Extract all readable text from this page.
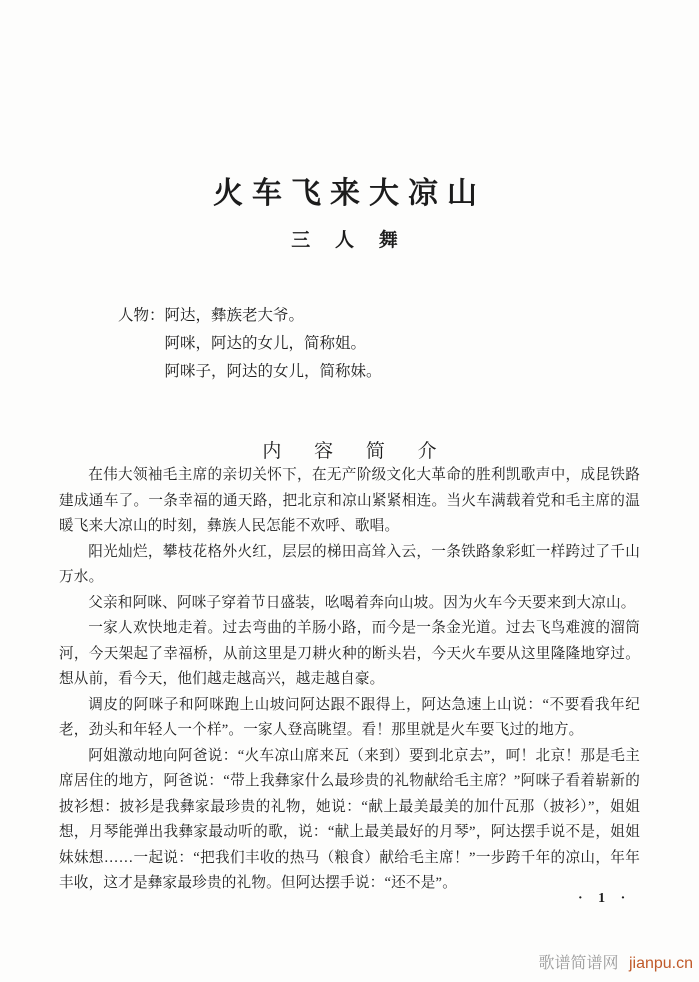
火车飞来大凉山
三 人 舞
人物： 阿达，彝族老大爷。
阿咪，阿达的女儿，简称姐。
阿咪子，阿达的女儿，简称妹。
内 容 简 介

在伟大领袖毛主席的亲切关怀下，在无产阶级文化大革命的胜利凯歌声中，成昆铁路建成通车了。一条幸福的通天路，把北京和凉山紧紧相连。当火车满载着党和毛主席的温暖飞来大凉山的时刻，彝族人民怎能不欢呼、歌唱。

阳光灿烂，攀枝花格外火红，层层的梯田高耸入云，一条铁路象彩虹一样跨过了千山万水。

父亲和阿咪、阿咪子穿着节日盛装，吆喝着奔向山坡。因为火车今天要来到大凉山。

一家人欢快地走着。过去弯曲的羊肠小路，而今是一条金光道。过去飞鸟难渡的溜筒河，今天架起了幸福桥，从前这里是刀耕火种的断头岩，今天火车要从这里隆隆地穿过。想从前，看今天，他们越走越高兴，越走越自豪。

调皮的阿咪子和阿咪跑上山坡问阿达跟不跟得上，阿达急速上山说：“不要看我年纪老，劲头和年轻人一个样”。一家人登高眺望。看！那里就是火车要飞过的地方。

阿姐激动地向阿爸说：“火车凉山席来瓦（来到）要到北京去”，呵！北京！那是毛主席居住的地方，阿爸说：“带上我彝家什么最珍贵的礼物献给毛主席？”阿咪子看着崭新的披衫想：披衫是我彝家最珍贵的礼物，她说：“献上最美最美的加什瓦那（披衫）”，姐姐想，月琴能弹出我彝家最动听的歌，说：“献上最美最好的月琴”，阿达摆手说不是，姐姐妹妹想……一起说：“把我们丰收的热马（粮食）献给毛主席！”一步跨千年的凉山，年年丰收，这才是彝家最珍贵的礼物。但阿达摆手说：“还不是”。

· 1 ·
歌谱简谱网 jianpu.cn
